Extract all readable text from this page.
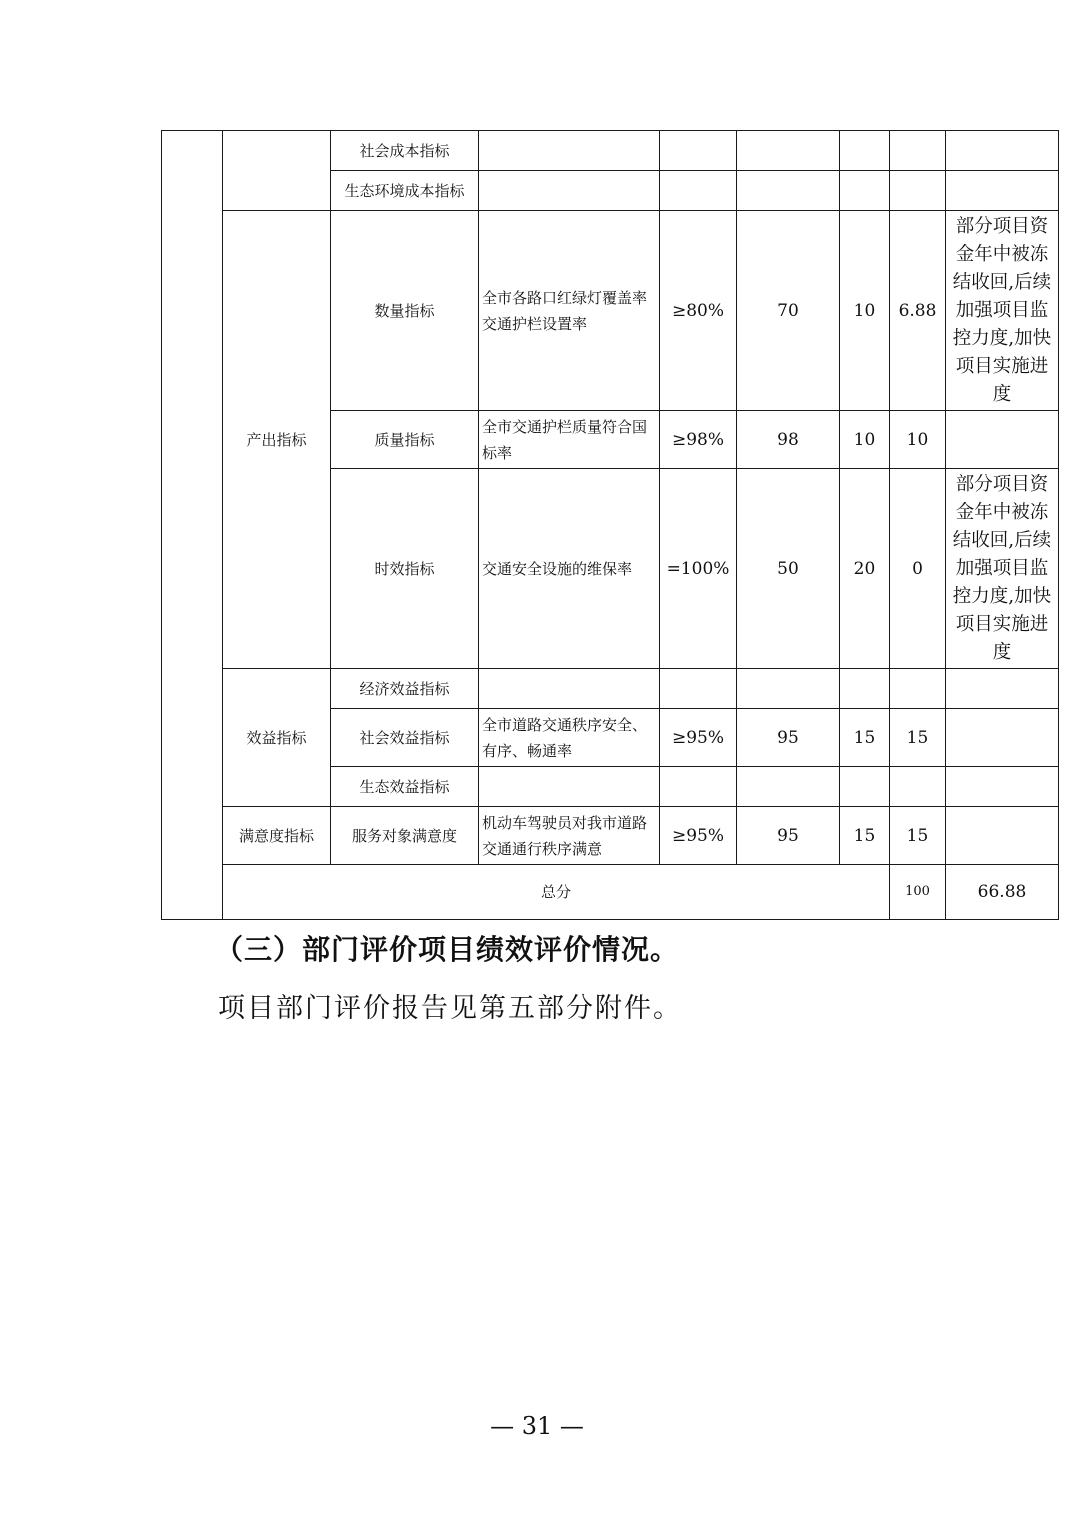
		社会成本指标							
		生态环境成本指标							
	产出指标	数量指标	全市各路口红绿灯覆盖率交通护栏设置率	≥80%	70	10	6.88	部分项目资金年中被冻结收回,后续加强项目监控力度,加快项目实施进度	
		质量指标	全市交通护栏质量符合国标率	≥98%	98	10	10		
		时效指标	交通安全设施的维保率	=100%	50	20	0	部分项目资金年中被冻结收回,后续加强项目监控力度,加快项目实施进度	
	效益指标	经济效益指标							
		社会效益指标	全市道路交通秩序安全、有序、畅通率	≥95%	95	15	15		
		生态效益指标							
	满意度指标	服务对象满意度	机动车驾驶员对我市道路交通通行秩序满意	≥95%	95	15	15		
	总分						100	66.88	
（三）部门评价项目绩效评价情况。
项目部门评价报告见第五部分附件。
— 31 —
